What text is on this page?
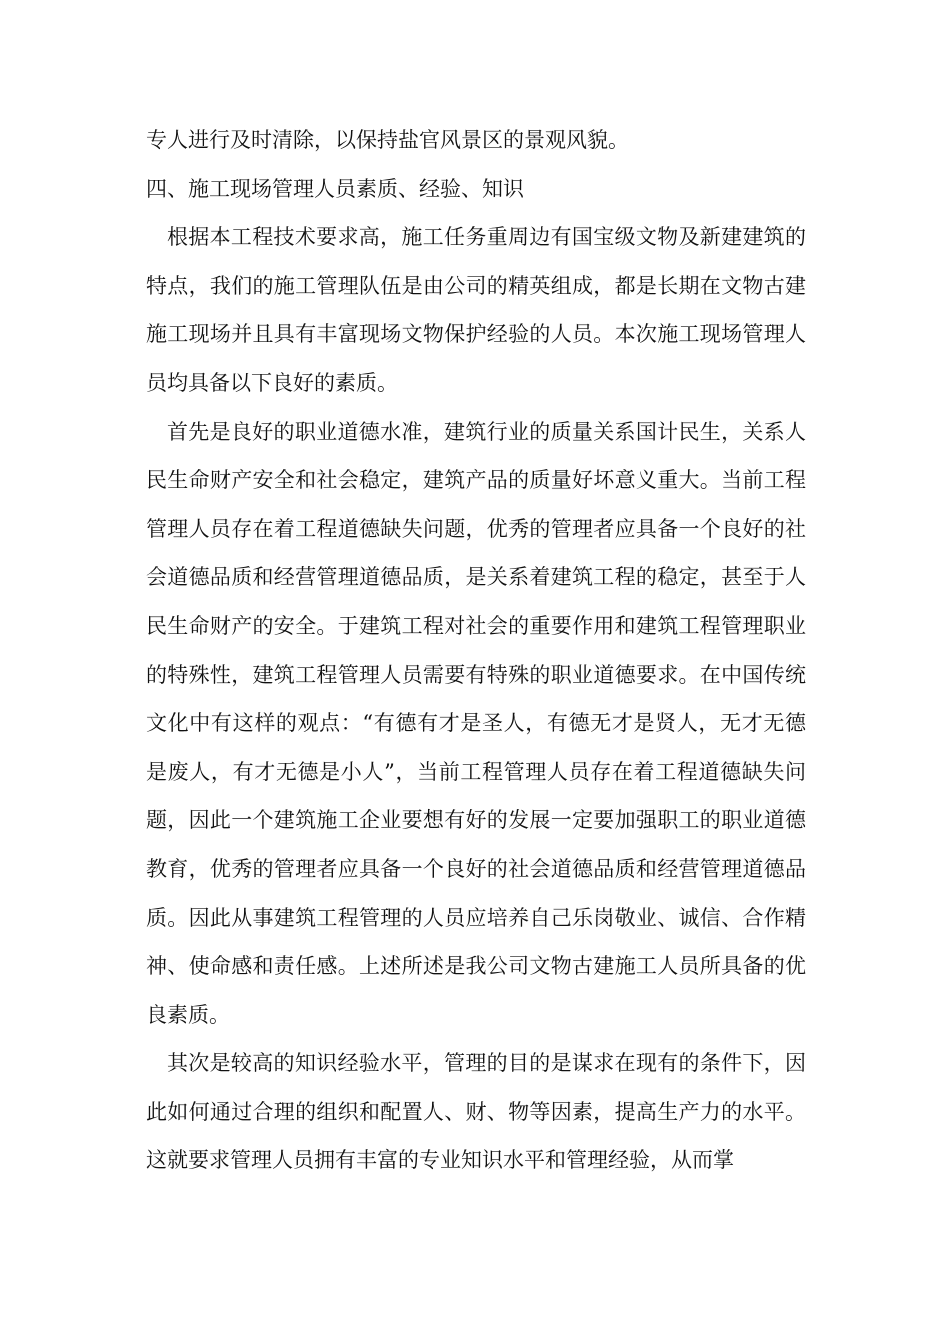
专人进行及时清除，以保持盐官风景区的景观风貌。

四、施工现场管理人员素质、经验、知识

根据本工程技术要求高，施工任务重周边有国宝级文物及新建建筑的特点，我们的施工管理队伍是由公司的精英组成，都是长期在文物古建施工现场并且具有丰富现场文物保护经验的人员。本次施工现场管理人员均具备以下良好的素质。

首先是良好的职业道德水准，建筑行业的质量关系国计民生，关系人民生命财产安全和社会稳定，建筑产品的质量好坏意义重大。当前工程管理人员存在着工程道德缺失问题，优秀的管理者应具备一个良好的社会道德品质和经营管理道德品质，是关系着建筑工程的稳定，甚至于人民生命财产的安全。于建筑工程对社会的重要作用和建筑工程管理职业的特殊性，建筑工程管理人员需要有特殊的职业道德要求。在中国传统文化中有这样的观点：“有德有才是圣人，有德无才是贤人，无才无德是废人，有才无德是小人”，当前工程管理人员存在着工程道德缺失问题，因此一个建筑施工企业要想有好的发展一定要加强职工的职业道德教育，优秀的管理者应具备一个良好的社会道德品质和经营管理道德品质。因此从事建筑工程管理的人员应培养自己乐岗敬业、诚信、合作精神、使命感和责任感。上述所述是我公司文物古建施工人员所具备的优良素质。

其次是较高的知识经验水平，管理的目的是谋求在现有的条件下，因此如何通过合理的组织和配置人、财、物等因素，提高生产力的水平。这就要求管理人员拥有丰富的专业知识水平和管理经验，从而掌
